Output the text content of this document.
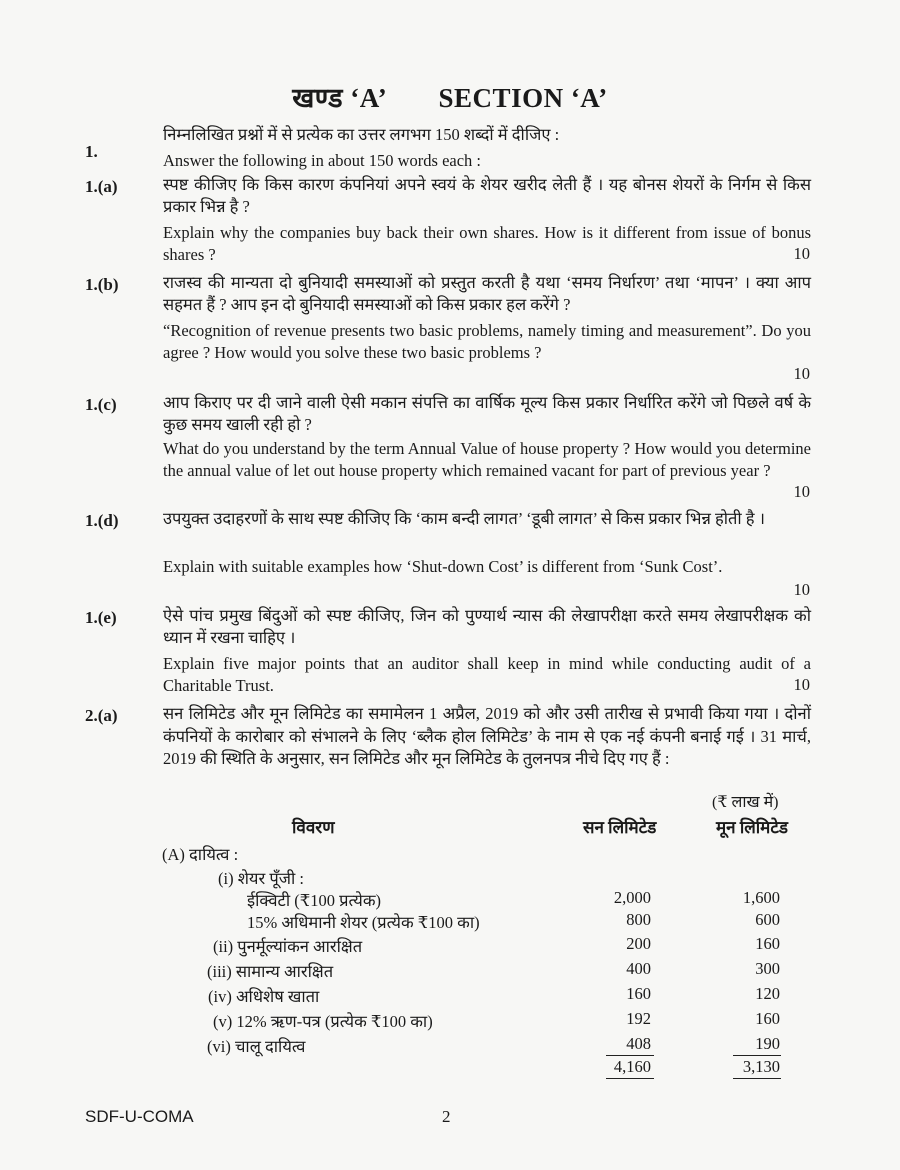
खण्ड ‘A’ SECTION ‘A’
1.
निम्नलिखित प्रश्नों में से प्रत्येक का उत्तर लगभग 150 शब्दों में दीजिए :
Answer the following in about 150 words each :
1.(a)	स्पष्ट कीजिए कि किस कारण कंपनियां अपने स्वयं के शेयर खरीद लेती हैं । यह बोनस शेयरों के निर्गम से किस प्रकार भिन्न है ?
Explain why the companies buy back their own shares. How is it different from issue of bonus shares ?	10
1.(b)	राजस्व की मान्यता दो बुनियादी समस्याओं को प्रस्तुत करती है यथा ‘समय निर्धारण’ तथा ‘मापन’ । क्या आप सहमत हैं ? आप इन दो बुनियादी समस्याओं को किस प्रकार हल करेंगे ?
“Recognition of revenue presents two basic problems, namely timing and measurement”. Do you agree ? How would you solve these two basic problems ?
10
1.(c)	आप किराए पर दी जाने वाली ऐसी मकान संपत्ति का वार्षिक मूल्य किस प्रकार निर्धारित करेंगे जो पिछले वर्ष के कुछ समय खाली रही हो ?
What do you understand by the term Annual Value of house property ? How would you determine the annual value of let out house property which remained vacant for part of previous year ?
10
1.(d)	उपयुक्त उदाहरणों के साथ स्पष्ट कीजिए कि ‘काम बन्दी लागत’ ‘डूबी लागत’ से किस प्रकार भिन्न होती है ।
Explain with suitable examples how ‘Shut-down Cost’ is different from ‘Sunk Cost’.
10
1.(e)	ऐसे पांच प्रमुख बिंदुओं को स्पष्ट कीजिए, जिन को पुण्यार्थ न्यास की लेखापरीक्षा करते समय लेखापरीक्षक को ध्यान में रखना चाहिए ।
Explain five major points that an auditor shall keep in mind while conducting audit of a Charitable Trust.	10
2.(a)	सन लिमिटेड और मून लिमिटेड का समामेलन 1 अप्रैल, 2019 को और उसी तारीख से प्रभावी किया गया । दोनों कंपनियों के कारोबार को संभालने के लिए ‘ब्लैक होल लिमिटेड’ के नाम से एक नई कंपनी बनाई गई । 31 मार्च, 2019 की स्थिति के अनुसार, सन लिमिटेड और मून लिमिटेड के तुलनपत्र नीचे दिए गए हैं :
(₹ लाख में)
विवरण	सन लिमिटेड	मून लिमिटेड
(A) दायित्व :
(i) शेयर पूँजी :
ईक्विटी (₹100 प्रत्येक)	2,000	1,600
15% अधिमानी शेयर (प्रत्येक ₹100 का)	800	600
(ii) पुनर्मूल्यांकन आरक्षित	200	160
(iii) सामान्य आरक्षित	400	300
(iv) अधिशेष खाता	160	120
(v) 12% ऋण-पत्र (प्रत्येक ₹100 का)	192	160
(vi) चालू दायित्व	408	190
4,160	3,130
SDF-U-COMA	2
